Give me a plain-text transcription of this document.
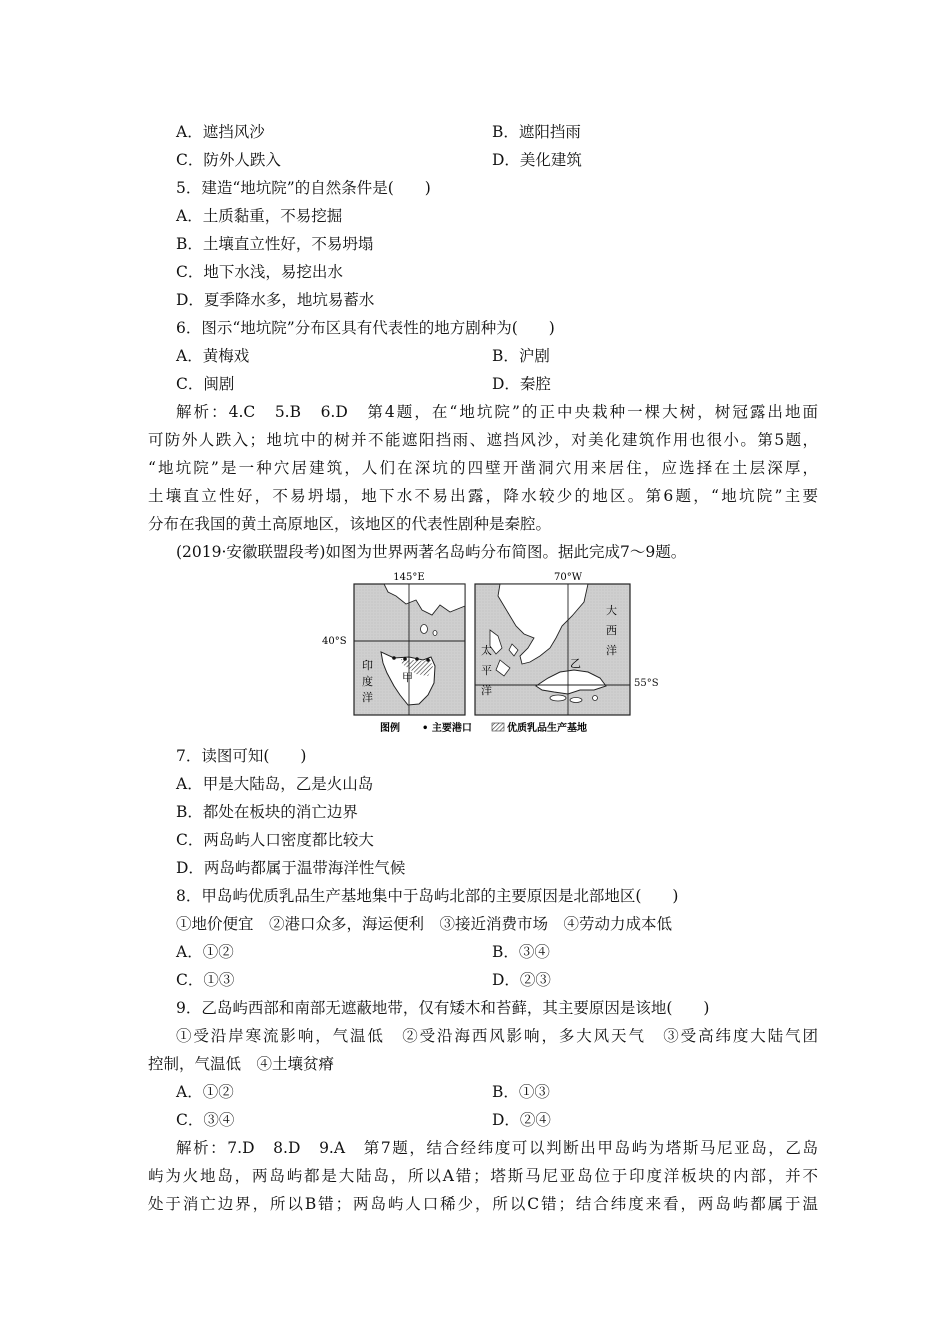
A．遮挡风沙	B．遮阳挡雨
C．防外人跌入	D．美化建筑
5．建造“地坑院”的自然条件是(　　)
A．土质黏重，不易挖掘
B．土壤直立性好，不易坍塌
C．地下水浅，易挖出水
D．夏季降水多，地坑易蓄水
6．图示“地坑院”分布区具有代表性的地方剧种为(　　)
A．黄梅戏	B．沪剧
C．闽剧	D．秦腔
解析：4.C　5.B　6.D　第4题，在“地坑院”的正中央栽种一棵大树，树冠露出地面
可防外人跌入；地坑中的树并不能遮阳挡雨、遮挡风沙，对美化建筑作用也很小。第5题，
“地坑院”是一种穴居建筑，人们在深坑的四壁开凿洞穴用来居住，应选择在土层深厚，
土壤直立性好，不易坍塌，地下水不易出露，降水较少的地区。第6题，“地坑院”主要
分布在我国的黄土高原地区，该地区的代表性剧种是秦腔。
(2019·安徽联盟段考)如图为世界两著名岛屿分布简图。据此完成7～9题。
145°E
40°S
印
度
洋
甲
70°W
太
平
洋
大
西
洋
乙
图例 • 主要港口	优质乳品生产基地
55°S
7．读图可知(　　)
A．甲是大陆岛，乙是火山岛
B．都处在板块的消亡边界
C．两岛屿人口密度都比较大
D．两岛屿都属于温带海洋性气候
8．甲岛屿优质乳品生产基地集中于岛屿北部的主要原因是北部地区(　　)
①地价便宜　②港口众多，海运便利　③接近消费市场　④劳动力成本低
A．①②	B．③④
C．①③	D．②③
9．乙岛屿西部和南部无遮蔽地带，仅有矮木和苔藓，其主要原因是该地(　　)
①受沿岸寒流影响，气温低　②受沿海西风影响，多大风天气　③受高纬度大陆气团
控制，气温低　④土壤贫瘠
A．①②	B．①③
C．③④	D．②④
解析：7.D　8.D　9.A　第7题，结合经纬度可以判断出甲岛屿为塔斯马尼亚岛，乙岛
屿为火地岛，两岛屿都是大陆岛，所以A错；塔斯马尼亚岛位于印度洋板块的内部，并不
处于消亡边界，所以B错；两岛屿人口稀少，所以C错；结合纬度来看，两岛屿都属于温
